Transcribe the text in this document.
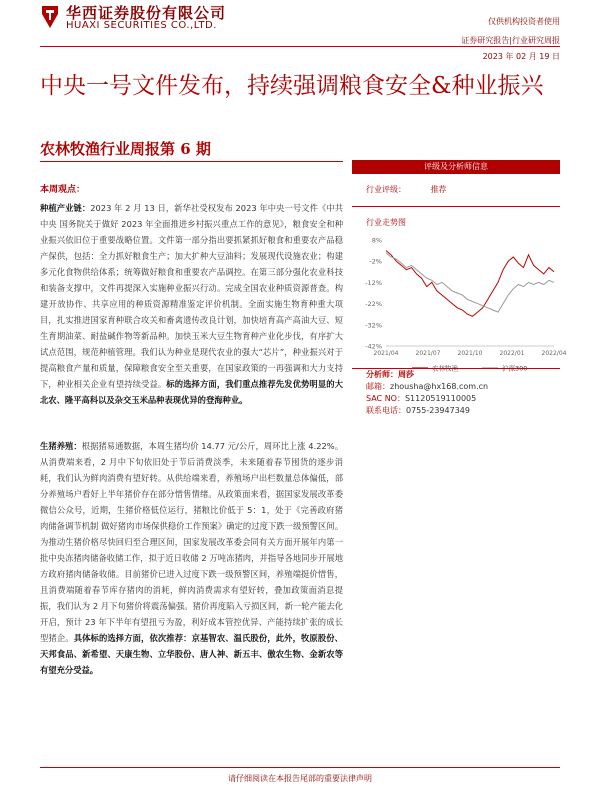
华西证券股份有限公司
HUAXI SECURITIES CO.,LTD.	仅供机构投资者使用
证券研究报告|行业研究周报
2023 年 02 月 19 日
中央一号文件发布，持续强调粮食安全&种业振兴
农林牧渔行业周报第 6 期
本周观点：

种植产业链：2023 年 2 月 13 日，新华社受权发布 2023 年中央一号文件《中共中央 国务院关于做好 2023 年全面推进乡村振兴重点工作的意见》，粮食安全和种业振兴依旧位于重要战略位置。文件第一部分指出要抓紧抓好粮食和重要农产品稳产保供，包括：全力抓好粮食生产；加大扩种大豆油料；发展现代设施农业；构建多元化食物供给体系；统筹做好粮食和重要农产品调控。在第三部分强化农业科技和装备支撑中，文件再提深入实施种业振兴行动。完成全国农业种质资源普查。构建开放协作、共享应用的种质资源精准鉴定评价机制。全面实施生物育种重大项目，扎实推进国家育种联合攻关和畜禽遗传改良计划，加快培育高产高油大豆、短生育期油菜、耐盐碱作物等新品种。加快玉米大豆生物育种产业化步伐，有序扩大试点范围，规范种植管理。我们认为种业是现代农业的强大“芯片”，种业振兴对于提高粮食产量和质量，保障粮食安全至关重要，在国家政策的一再强调和大力支持下，种业相关企业有望持续受益。标的选择方面，我们重点推荐先发优势明显的大北农、隆平高科以及杂交玉米品种表现优异的登海种业。

生猪养殖：根据猪易通数据，本周生猪均价 14.77 元/公斤，周环比上涨 4.22%。从消费端来看，2 月中下旬依旧处于节后消费淡季，未来随着春节囤货的逐步消耗，我们认为鲜肉消费有望好转。从供给端来看，养殖场户出栏数量总体偏低，部分养殖场户看好上半年猪价存在部分惜售情绪。从政策面来看，据国家发展改革委微信公众号，近期，生猪价格低位运行，猪粮比价低于 5：1，处于《完善政府猪肉储备调节机制 做好猪肉市场保供稳价工作预案》确定的过度下跌一级预警区间。为推动生猪价格尽快回归至合理区间，国家发展改革委会同有关方面开展年内第一批中央冻猪肉储备收储工作，拟于近日收储 2 万吨冻猪肉，并指导各地同步开展地方政府猪肉储备收储。目前猪价已进入过度下跌一级预警区间，养殖端挺价惜售，且消费端随着春节库存猪肉的消耗，鲜肉消费需求有望好转，叠加政策面消息提振，我们认为 2 月下旬猪价将震荡偏强。猪价再度陷入亏损区间，新一轮产能去化开启，预计 23 年下半年有望扭亏为盈，利好成本管控优异、产能持续扩张的成长型猪企。具体标的选择方面，依次推荐：京基智农、温氏股份，此外，牧原股份、天邦食品、新希望、天康生物、立华股份、唐人神、新五丰、傲农生物、金新农等有望充分受益。

评级及分析师信息
行业评级：	推荐
行业走势图
8%
-2%
-12%
-22%
-32%
-42%
2021/04	2021/07	2021/10	2022/01	2022/04
农林牧渔	沪深300
分析师：周莎
邮箱：zhousha@hx168.com.cn
SAC NO：S1120519110005
联系电话：0755-23947349
请仔细阅读在本报告尾部的重要法律声明
